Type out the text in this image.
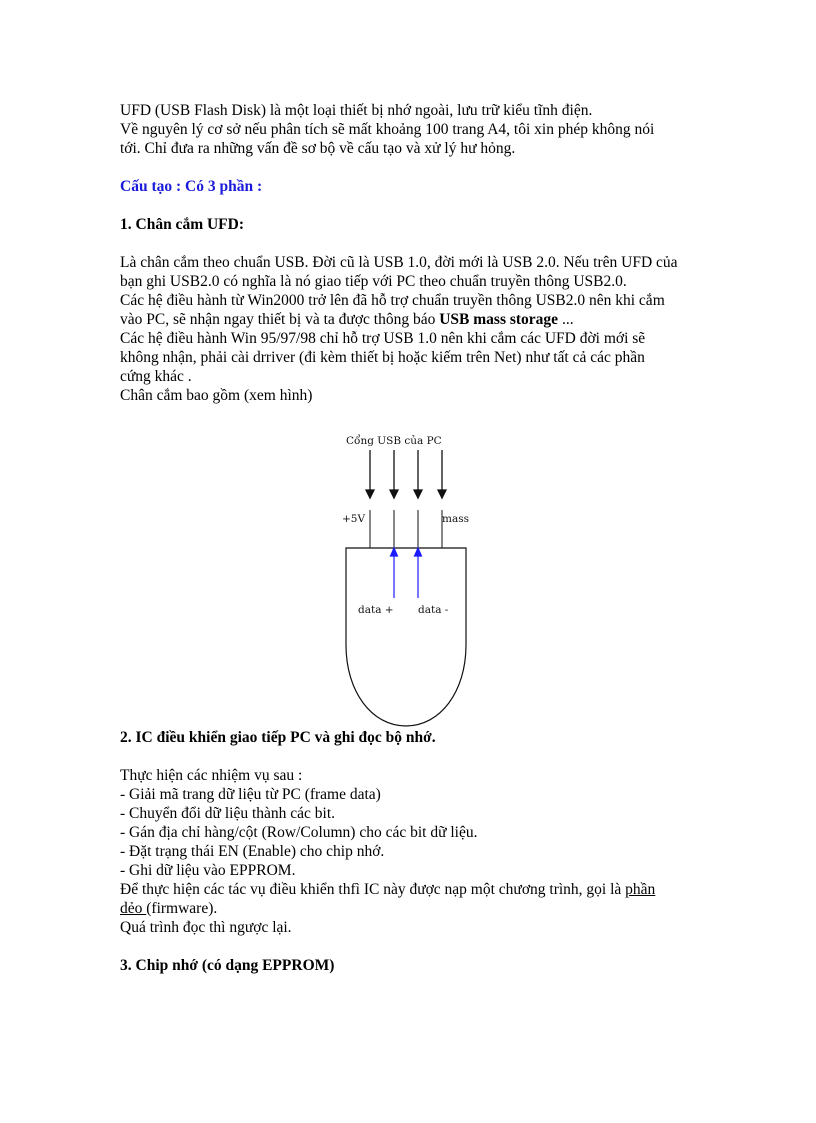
UFD (USB Flash Disk) là một loại thiết bị nhớ ngoài, lưu trữ kiểu tĩnh điện.

Về nguyên lý cơ sở nếu phân tích sẽ mất khoảng 100 trang A4, tôi xin phép không nói

tới. Chỉ đưa ra những vấn đề sơ bộ về cấu tạo và xử lý hư hỏng.

Cấu tạo : Có 3 phần :

1. Chân cắm UFD:

Là chân cắm theo chuẩn USB. Đời cũ là USB 1.0, đời mới là USB 2.0. Nếu trên UFD của

bạn ghi USB2.0 có nghĩa là nó giao tiếp với PC theo chuẩn truyền thông USB2.0.

Các hệ điều hành từ Win2000 trở lên đã hỗ trợ chuẩn truyền thông USB2.0 nên khi cắm

vào PC, sẽ nhận ngay thiết bị và ta được thông báo USB mass storage ...

Các hệ điều hành Win 95/97/98 chỉ hỗ trợ USB 1.0 nên khi cắm các UFD đời mới sẽ

không nhận, phải cài drriver (đi kèm thiết bị hoặc kiếm trên Net) như tất cả các phần

cứng khác .

Chân cắm bao gồm (xem hình)

2. IC điều khiển giao tiếp PC và ghi đọc bộ nhớ.

Thực hiện các nhiệm vụ sau :

- Giải mã trang dữ liệu từ PC (frame data)

- Chuyển đổi dữ liệu thành các bit.

- Gán địa chỉ hàng/cột (Row/Column) cho các bit dữ liệu.

- Đặt trạng thái EN (Enable) cho chip nhớ.

- Ghi dữ liệu vào EPPROM.

Để thực hiện các tác vụ điều khiển thfì IC này được nạp một chương trình, gọi là phần

dẻo (firmware).

Quá trình đọc thì ngược lại.

3. Chip nhớ (có dạng EPPROM)

Cổng USB của PC
+5V	mass
data + data -
